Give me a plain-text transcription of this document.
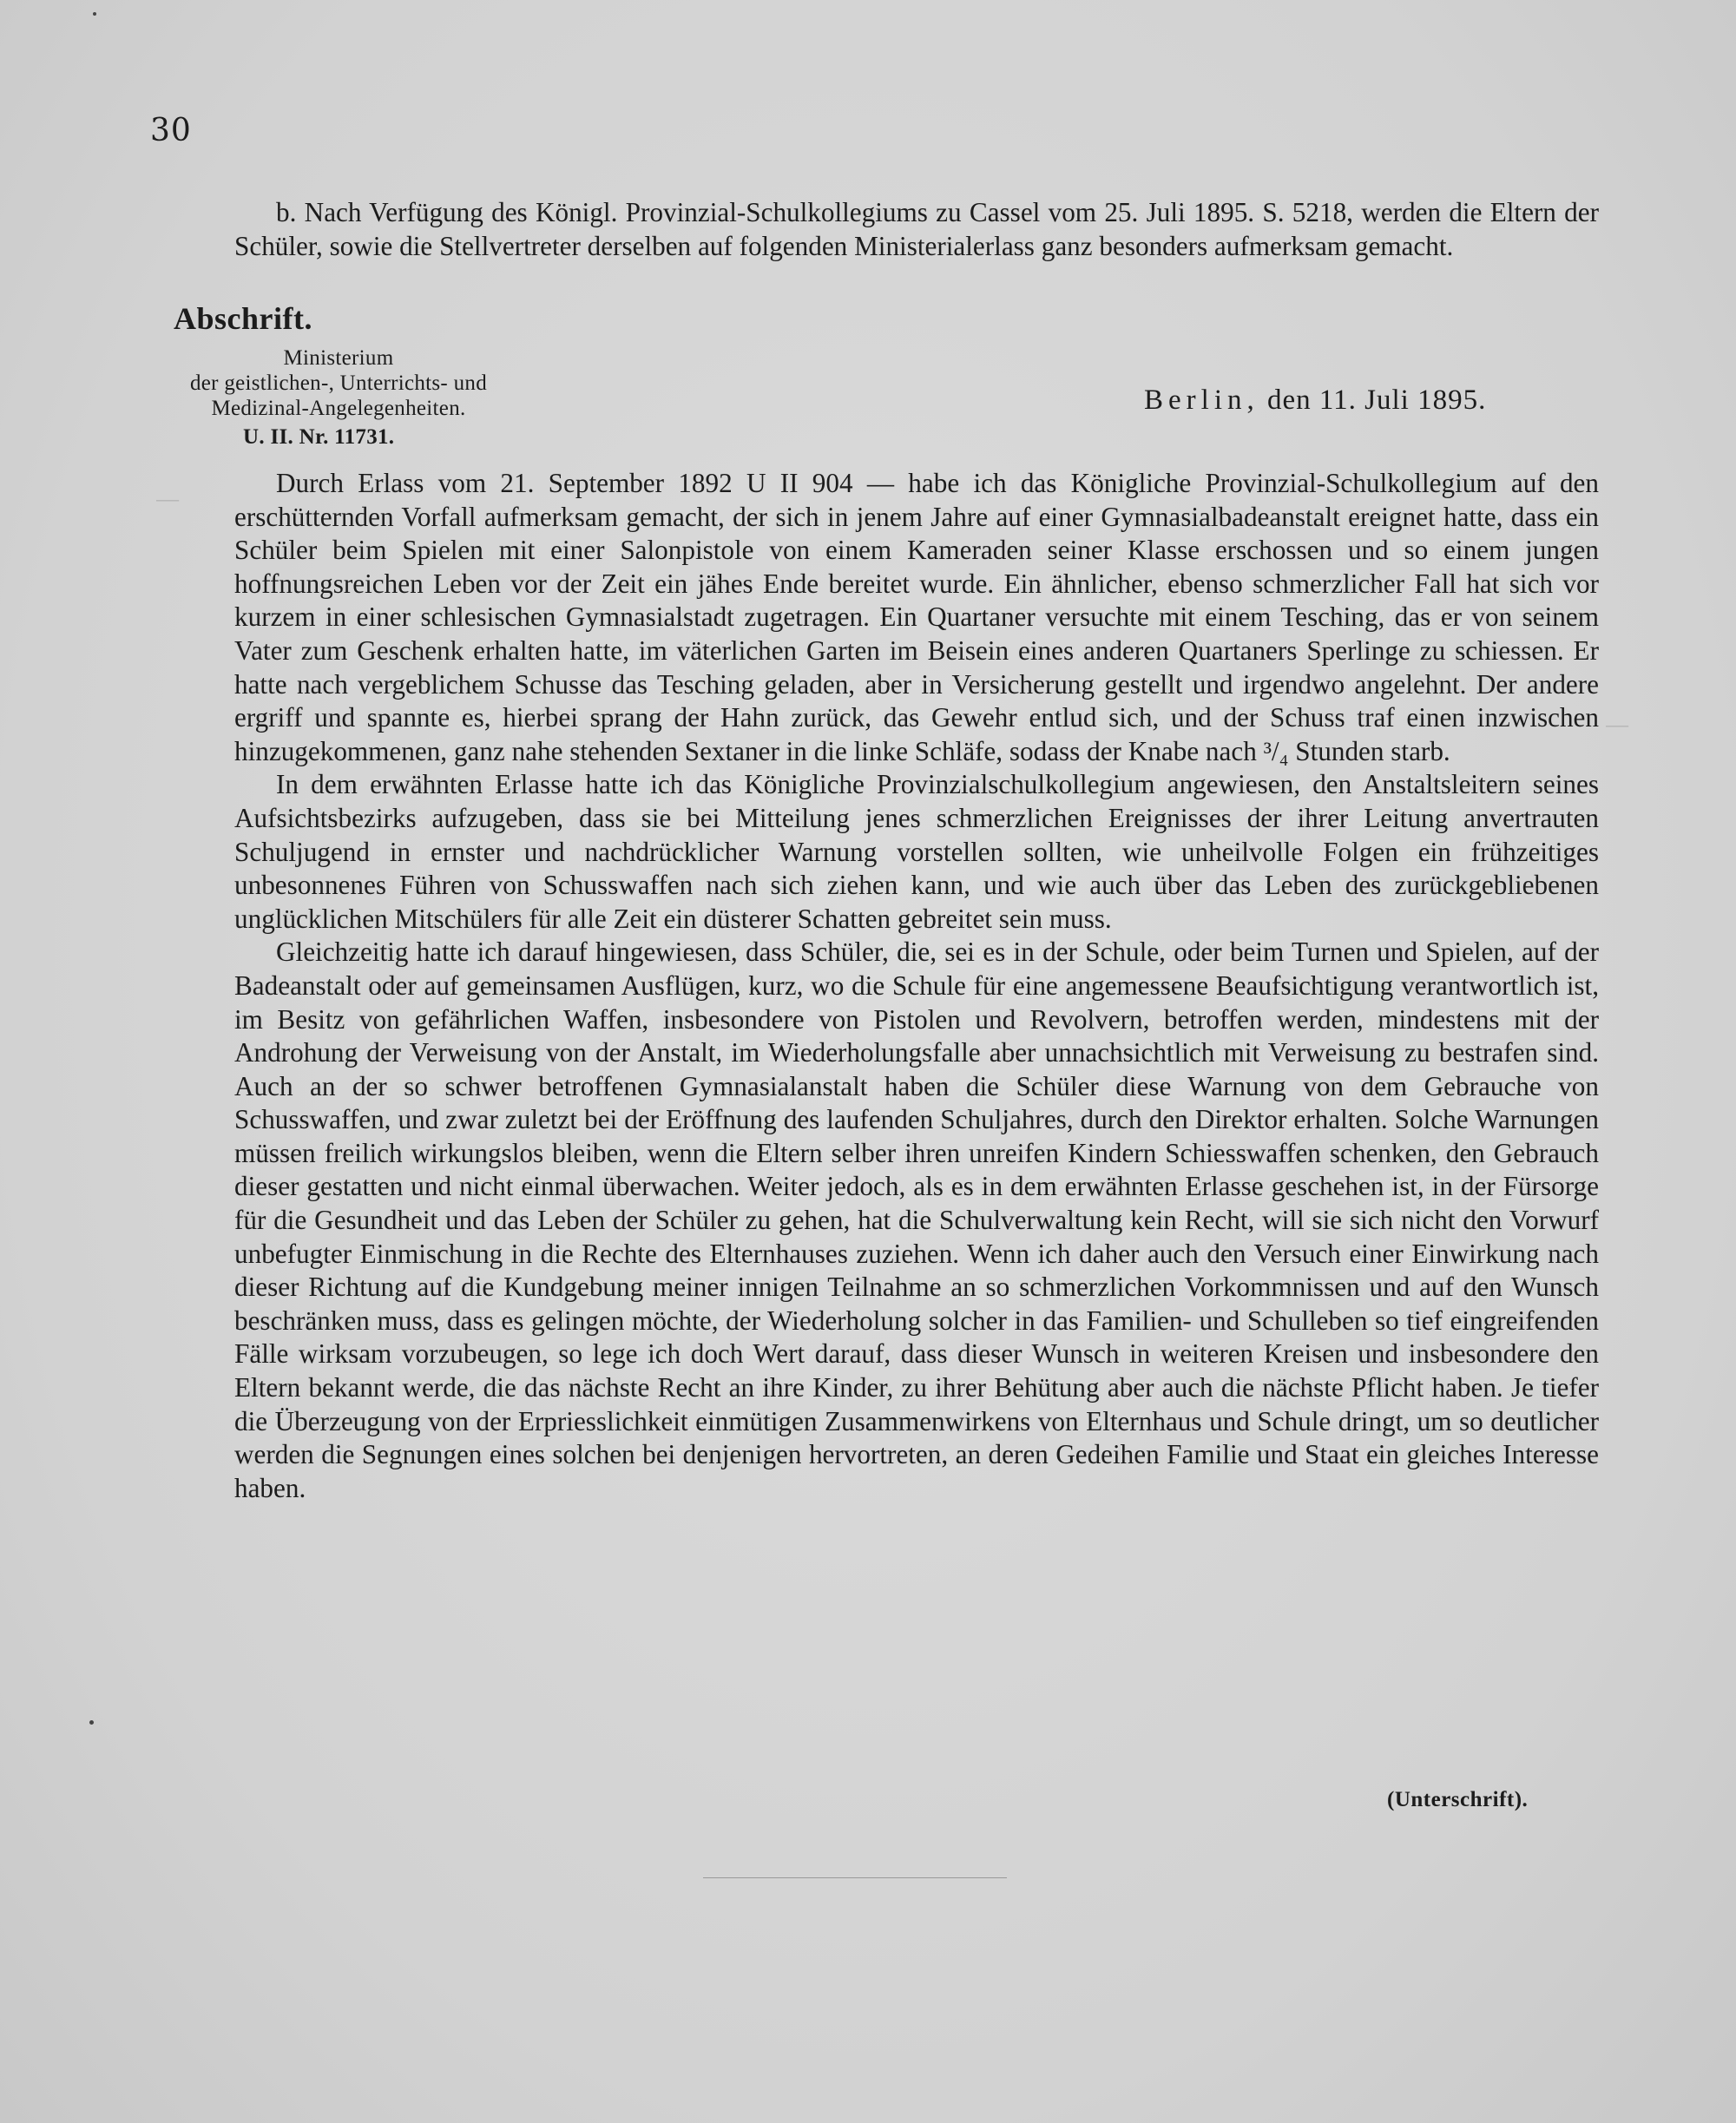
—
—
30

b. Nach Verfügung des Königl. Provinzial-Schulkollegiums zu Cassel vom 25. Juli 1895. S. 5218, werden die Eltern der Schüler, sowie die Stellvertreter derselben auf folgenden Ministerialerlass ganz besonders aufmerksam gemacht.

Abschrift.
Ministerium
der geistlichen-, Unterrichts- und
Medizinal-Angelegenheiten.
U. II. Nr. 11731.
Berlin, den 11. Juli 1895.

Durch Erlass vom 21. September 1892 U II 904 — habe ich das Königliche Provinzial-Schulkollegium auf den erschütternden Vorfall aufmerksam gemacht, der sich in jenem Jahre auf einer Gymnasialbadeanstalt ereignet hatte, dass ein Schüler beim Spielen mit einer Salonpistole von einem Kameraden seiner Klasse erschossen und so einem jungen hoffnungsreichen Leben vor der Zeit ein jähes Ende bereitet wurde. Ein ähnlicher, ebenso schmerzlicher Fall hat sich vor kurzem in einer schlesischen Gymnasialstadt zugetragen. Ein Quartaner versuchte mit einem Tesching, das er von seinem Vater zum Geschenk erhalten hatte, im väterlichen Garten im Beisein eines anderen Quartaners Sperlinge zu schiessen. Er hatte nach vergeblichem Schusse das Tesching geladen, aber in Versicherung gestellt und irgendwo angelehnt. Der andere ergriff und spannte es, hierbei sprang der Hahn zurück, das Gewehr entlud sich, und der Schuss traf einen inzwischen hinzugekommenen, ganz nahe stehenden Sextaner in die linke Schläfe, sodass der Knabe nach ³/₄ Stunden starb.

In dem erwähnten Erlasse hatte ich das Königliche Provinzialschulkollegium angewiesen, den Anstaltsleitern seines Aufsichtsbezirks aufzugeben, dass sie bei Mitteilung jenes schmerzlichen Ereignisses der ihrer Leitung anvertrauten Schuljugend in ernster und nachdrücklicher Warnung vorstellen sollten, wie unheilvolle Folgen ein frühzeitiges unbesonnenes Führen von Schusswaffen nach sich ziehen kann, und wie auch über das Leben des zurückgebliebenen unglücklichen Mitschülers für alle Zeit ein düsterer Schatten gebreitet sein muss.

Gleichzeitig hatte ich darauf hingewiesen, dass Schüler, die, sei es in der Schule, oder beim Turnen und Spielen, auf der Badeanstalt oder auf gemeinsamen Ausflügen, kurz, wo die Schule für eine angemessene Beaufsichtigung verantwortlich ist, im Besitz von gefährlichen Waffen, insbesondere von Pistolen und Revolvern, betroffen werden, mindestens mit der Androhung der Verweisung von der Anstalt, im Wiederholungsfalle aber unnachsichtlich mit Verweisung zu bestrafen sind. Auch an der so schwer betroffenen Gymnasialanstalt haben die Schüler diese Warnung von dem Gebrauche von Schusswaffen, und zwar zuletzt bei der Eröffnung des laufenden Schuljahres, durch den Direktor erhalten. Solche Warnungen müssen freilich wirkungslos bleiben, wenn die Eltern selber ihren unreifen Kindern Schiesswaffen schenken, den Gebrauch dieser gestatten und nicht einmal überwachen. Weiter jedoch, als es in dem erwähnten Erlasse geschehen ist, in der Fürsorge für die Gesundheit und das Leben der Schüler zu gehen, hat die Schulverwaltung kein Recht, will sie sich nicht den Vorwurf unbefugter Einmischung in die Rechte des Elternhauses zuziehen. Wenn ich daher auch den Versuch einer Einwirkung nach dieser Richtung auf die Kundgebung meiner innigen Teilnahme an so schmerzlichen Vorkommnissen und auf den Wunsch beschränken muss, dass es gelingen möchte, der Wiederholung solcher in das Familien- und Schulleben so tief eingreifenden Fälle wirksam vorzubeugen, so lege ich doch Wert darauf, dass dieser Wunsch in weiteren Kreisen und insbesondere den Eltern bekannt werde, die das nächste Recht an ihre Kinder, zu ihrer Behütung aber auch die nächste Pflicht haben. Je tiefer die Überzeugung von der Erpriesslichkeit einmütigen Zusammenwirkens von Elternhaus und Schule dringt, um so deutlicher werden die Segnungen eines solchen bei denjenigen hervortreten, an deren Gedeihen Familie und Staat ein gleiches Interesse haben.

(Unterschrift).
